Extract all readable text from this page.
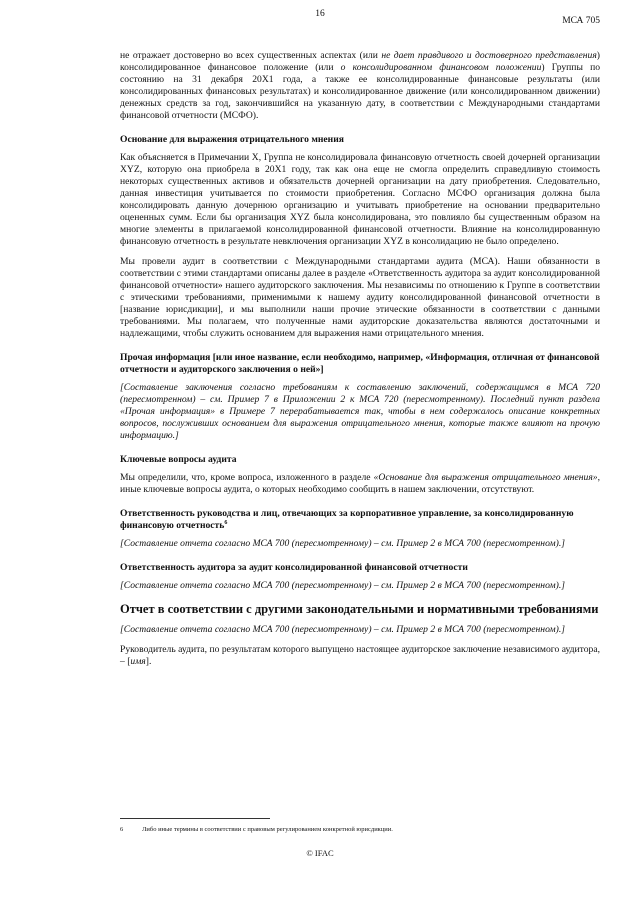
16
МСА 705

не отражает достоверно во всех существенных аспектах (или не дает правдивого и достоверного представления) консолидированное финансовое положение (или о консолидированном финансовом положении) Группы по состоянию на 31 декабря 20X1 года, а также ее консолидированные финансовые результаты (или консолидированных финансовых результатах) и консолидированное движение (или консолидированном движении) денежных средств за год, закончившийся на указанную дату, в соответствии с Международными стандартами финансовой отчетности (МСФО).

Основание для выражения отрицательного мнения

Как объясняется в Примечании X, Группа не консолидировала финансовую отчетность своей дочерней организации XYZ, которую она приобрела в 20X1 году, так как она еще не смогла определить справедливую стоимость некоторых существенных активов и обязательств дочерней организации на дату приобретения. Следовательно, данная инвестиция учитывается по стоимости приобретения. Согласно МСФО организация должна была консолидировать данную дочернюю организацию и учитывать приобретение на основании предварительно оцененных сумм. Если бы организация XYZ была консолидирована, это повлияло бы существенным образом на многие элементы в прилагаемой консолидированной финансовой отчетности. Влияние на консолидированную финансовую отчетность в результате невключения организации XYZ в консолидацию не было определено.

Мы провели аудит в соответствии с Международными стандартами аудита (МСА). Наши обязанности в соответствии с этими стандартами описаны далее в разделе «Ответственность аудитора за аудит консолидированной финансовой отчетности» нашего аудиторского заключения. Мы независимы по отношению к Группе в соответствии с этическими требованиями, применимыми к нашему аудиту консолидированной финансовой отчетности в [название юрисдикции], и мы выполнили наши прочие этические обязанности в соответствии с данными требованиями. Мы полагаем, что полученные нами аудиторские доказательства являются достаточными и надлежащими, чтобы служить основанием для выражения нами отрицательного мнения.

Прочая информация [или иное название, если необходимо, например, «Информация, отличная от финансовой отчетности и аудиторского заключения о ней»]

[Составление заключения согласно требованиям к составлению заключений, содержащимся в МСА 720 (пересмотренном) – см. Пример 7 в Приложении 2 к МСА 720 (пересмотренному). Последний пункт раздела «Прочая информация» в Примере 7 перерабатывается так, чтобы в нем содержалось описание конкретных вопросов, послуживших основанием для выражения отрицательного мнения, которые также влияют на прочую информацию.]

Ключевые вопросы аудита

Мы определили, что, кроме вопроса, изложенного в разделе «Основание для выражения отрицательного мнения», иные ключевые вопросы аудита, о которых необходимо сообщить в нашем заключении, отсутствуют.

Ответственность руководства и лиц, отвечающих за корпоративное управление, за консолидированную финансовую отчетность$^6$

[Составление отчета согласно МСА 700 (пересмотренному) – см. Пример 2 в МСА 700 (пересмотренном).]

Ответственность аудитора за аудит консолидированной финансовой отчетности

[Составление отчета согласно МСА 700 (пересмотренному) – см. Пример 2 в МСА 700 (пересмотренном).]

Отчет в соответствии с другими законодательными и нормативными требованиями

[Составление отчета согласно МСА 700 (пересмотренному) – см. Пример 2 в МСА 700 (пересмотренном).]

Руководитель аудита, по результатам которого выпущено настоящее аудиторское заключение независимого аудитора, – [имя].

6	Либо иные термины в соответствии с правовым регулированием конкретной юрисдикции.
© IFAC
